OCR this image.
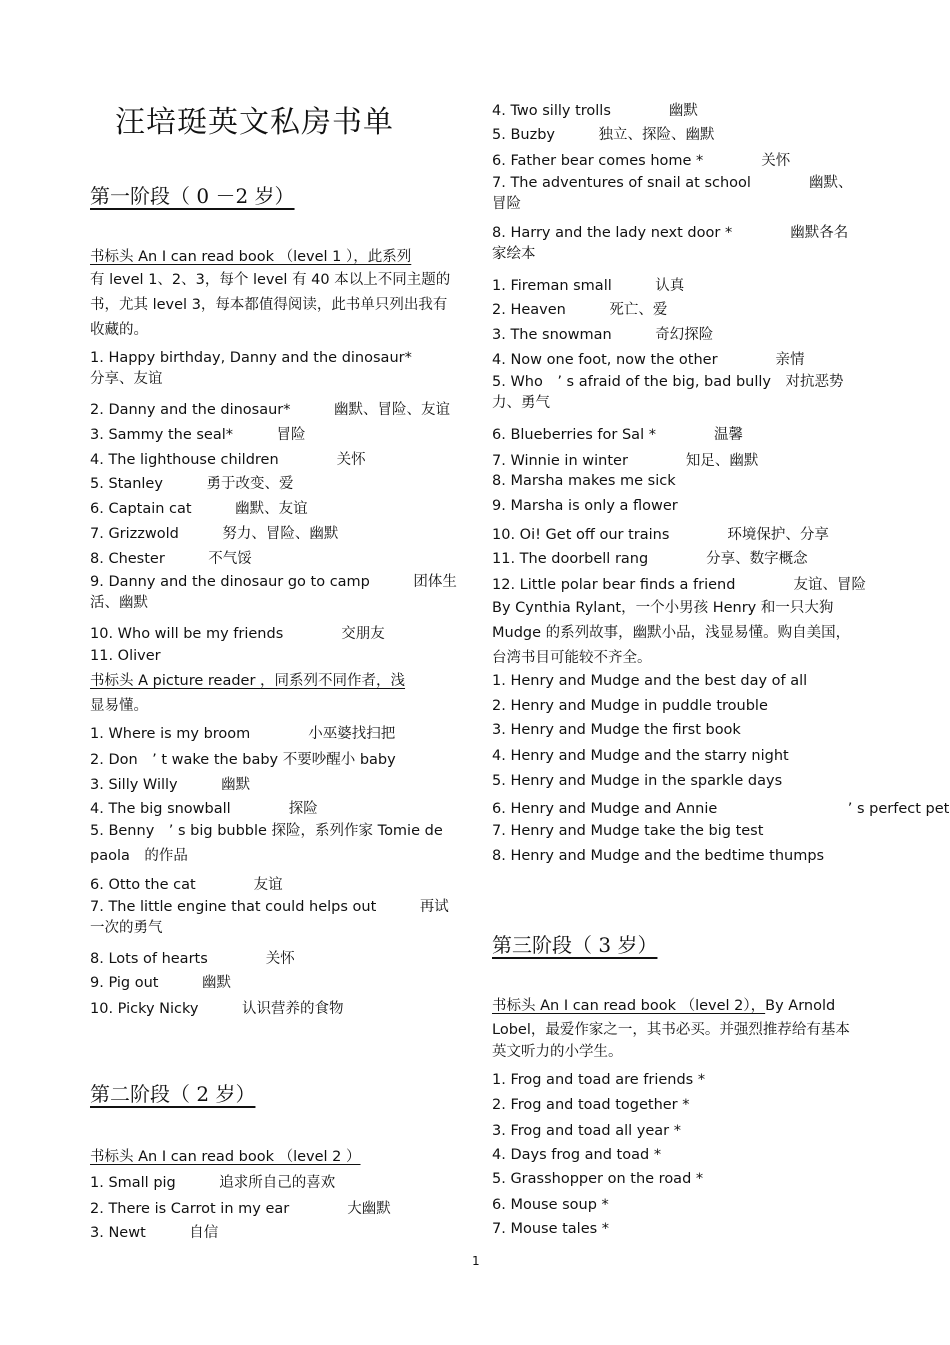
汪培珽英文私房书单
第一阶段（ 0 －2 岁）
书标头 An I can read book （level 1 ），此系列
有 level 1、2、3，每个 level 有 40 本以上不同主题的书，尤其 level 3，每本都值得阅读，此书单只列出我有收藏的。
1. Happy birthday, Danny and the dinosaur*　　　　分享、友谊
2. Danny and the dinosaur*　　　幽默、冒险、友谊
3. Sammy the seal*　　　冒险
4. The lighthouse children　　　　关怀
5. Stanley　　　勇于改变、爱
6. Captain cat　　　幽默、友谊
7. Grizzwold　　　努力、冒险、幽默
8. Chester　　　不气馁
9. Danny and the dinosaur go to camp　　　团体生活、幽默
10. Who will be my friends　　　　交朋友
11. Oliver
书标头 A picture reader ，同系列不同作者，浅
显易懂。
1. Where is my broom　　　　小巫婆找扫把
2. Don　’ t wake the baby 不要吵醒小 baby
3. Silly Willy　　　幽默
4. The big snowball　　　　探险
5. Benny　’ s big bubble 探险，系列作家 Tomie de paola　的作品
6. Otto the cat　　　　友谊
7. The little engine that could helps out　　　再试一次的勇气
8. Lots of hearts　　　　关怀
9. Pig out　　　幽默
10. Picky Nicky　　　认识营养的食物
第二阶段（ 2 岁）
书标头 An I can read book （level 2 ）
1. Small pig　　　追求所自己的喜欢
2. There is Carrot in my ear　　　　大幽默
3. Newt　　　自信
4. Two silly trolls　　　　幽默
5. Buzby　　　独立、探险、幽默
6. Father bear comes home *　　　　关怀
7. The adventures of snail at school　　　　幽默、冒险
8. Harry and the lady next door *　　　　幽默各名家绘本
1. Fireman small　　　认真
2. Heaven　　　死亡、爱
3. The snowman　　　奇幻探险
4. Now one foot, now the other　　　　亲情
5. Who　’ s afraid of the big, bad bully　对抗恶势力、勇气
6. Blueberries for Sal *　　　　温馨
7. Winnie in winter　　　　知足、幽默
8. Marsha makes me sick
9. Marsha is only a flower
10. Oi! Get off our trains　　　　环境保护、分享
11. The doorbell rang　　　　分享、数字概念
12. Little polar bear finds a friend　　　　友谊、冒险
By Cynthia Rylant，一个小男孩 Henry 和一只大狗 Mudge 的系列故事，幽默小品，浅显易懂。购自美国，台湾书目可能较不齐全。
1. Henry and Mudge and the best day of all
2. Henry and Mudge in puddle trouble
3. Henry and Mudge the first book
4. Henry and Mudge and the starry night
5. Henry and Mudge in the sparkle days
6. Henry and Mudge and Annie　　　　　　　　　’ s perfect pet
7. Henry and Mudge take the big test
8. Henry and Mudge and the bedtime thumps
第三阶段（ 3 岁）
书标头 An I can read book （level 2），By Arnold
Lobel，最爱作家之一，其书必买。并强烈推荐给有基本英文听力的小学生。
1. Frog and toad are friends *
2. Frog and toad together *
3. Frog and toad all year *
4. Days frog and toad *
5. Grasshopper on the road *
6. Mouse soup *
7. Mouse tales *
1
